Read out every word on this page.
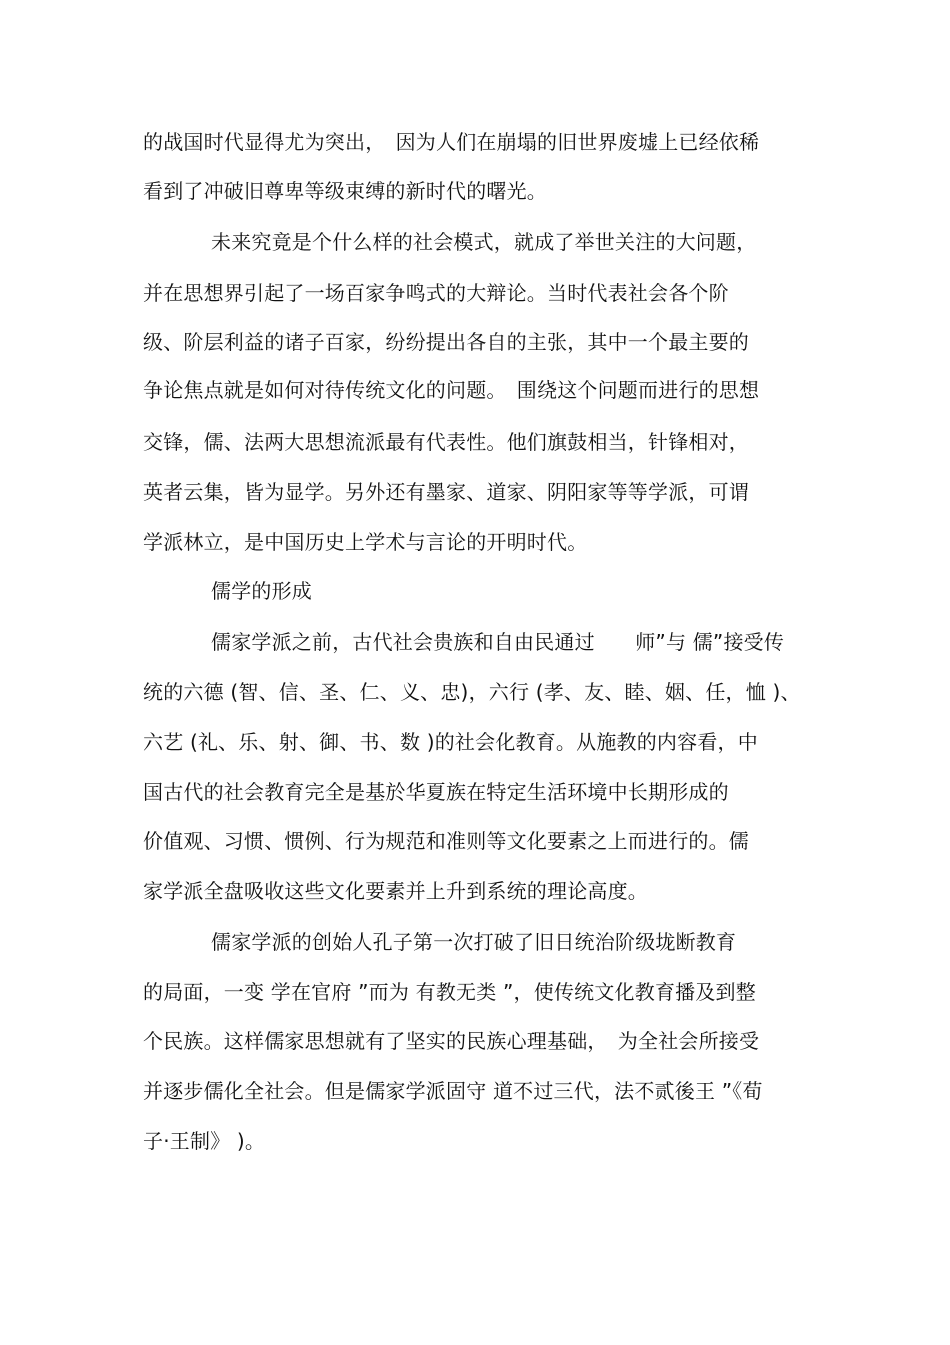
的战国时代显得尤为突出，　因为人们在崩塌的旧世界废墟上已经依稀
看到了冲破旧尊卑等级束缚的新时代的曙光。
未来究竟是个什么样的社会模式，就成了举世关注的大问题，
并在思想界引起了一场百家争鸣式的大辩论。当时代表社会各个阶
级、阶层利益的诸子百家，纷纷提出各自的主张，其中一个最主要的
争论焦点就是如何对待传统文化的问题。　围绕这个问题而进行的思想
交锋，儒、法两大思想流派最有代表性。他们旗鼓相当，针锋相对，
英者云集，皆为显学。另外还有墨家、道家、阴阳家等等学派，可谓
学派林立，是中国历史上学术与言论的开明时代。
儒学的形成
儒家学派之前，古代社会贵族和自由民通过　　师”与 儒”接受传
统的六德 (智、信、圣、仁、义、忠)，六行 (孝、友、睦、姻、任，恤 )、
六艺 (礼、乐、射、御、书、数 )的社会化教育。从施教的内容看，中
国古代的社会教育完全是基於华夏族在特定生活环境中长期形成的
价值观、习惯、惯例、行为规范和准则等文化要素之上而进行的。儒
家学派全盘吸收这些文化要素并上升到系统的理论高度。
儒家学派的创始人孔子第一次打破了旧日统治阶级垅断教育
的局面，一变 学在官府 ”而为 有教无类 ”，使传统文化教育播及到整
个民族。这样儒家思想就有了坚实的民族心理基础，　为全社会所接受
并逐步儒化全社会。但是儒家学派固守 道不过三代，法不贰後王 ”《荀
子·王制》 )。
